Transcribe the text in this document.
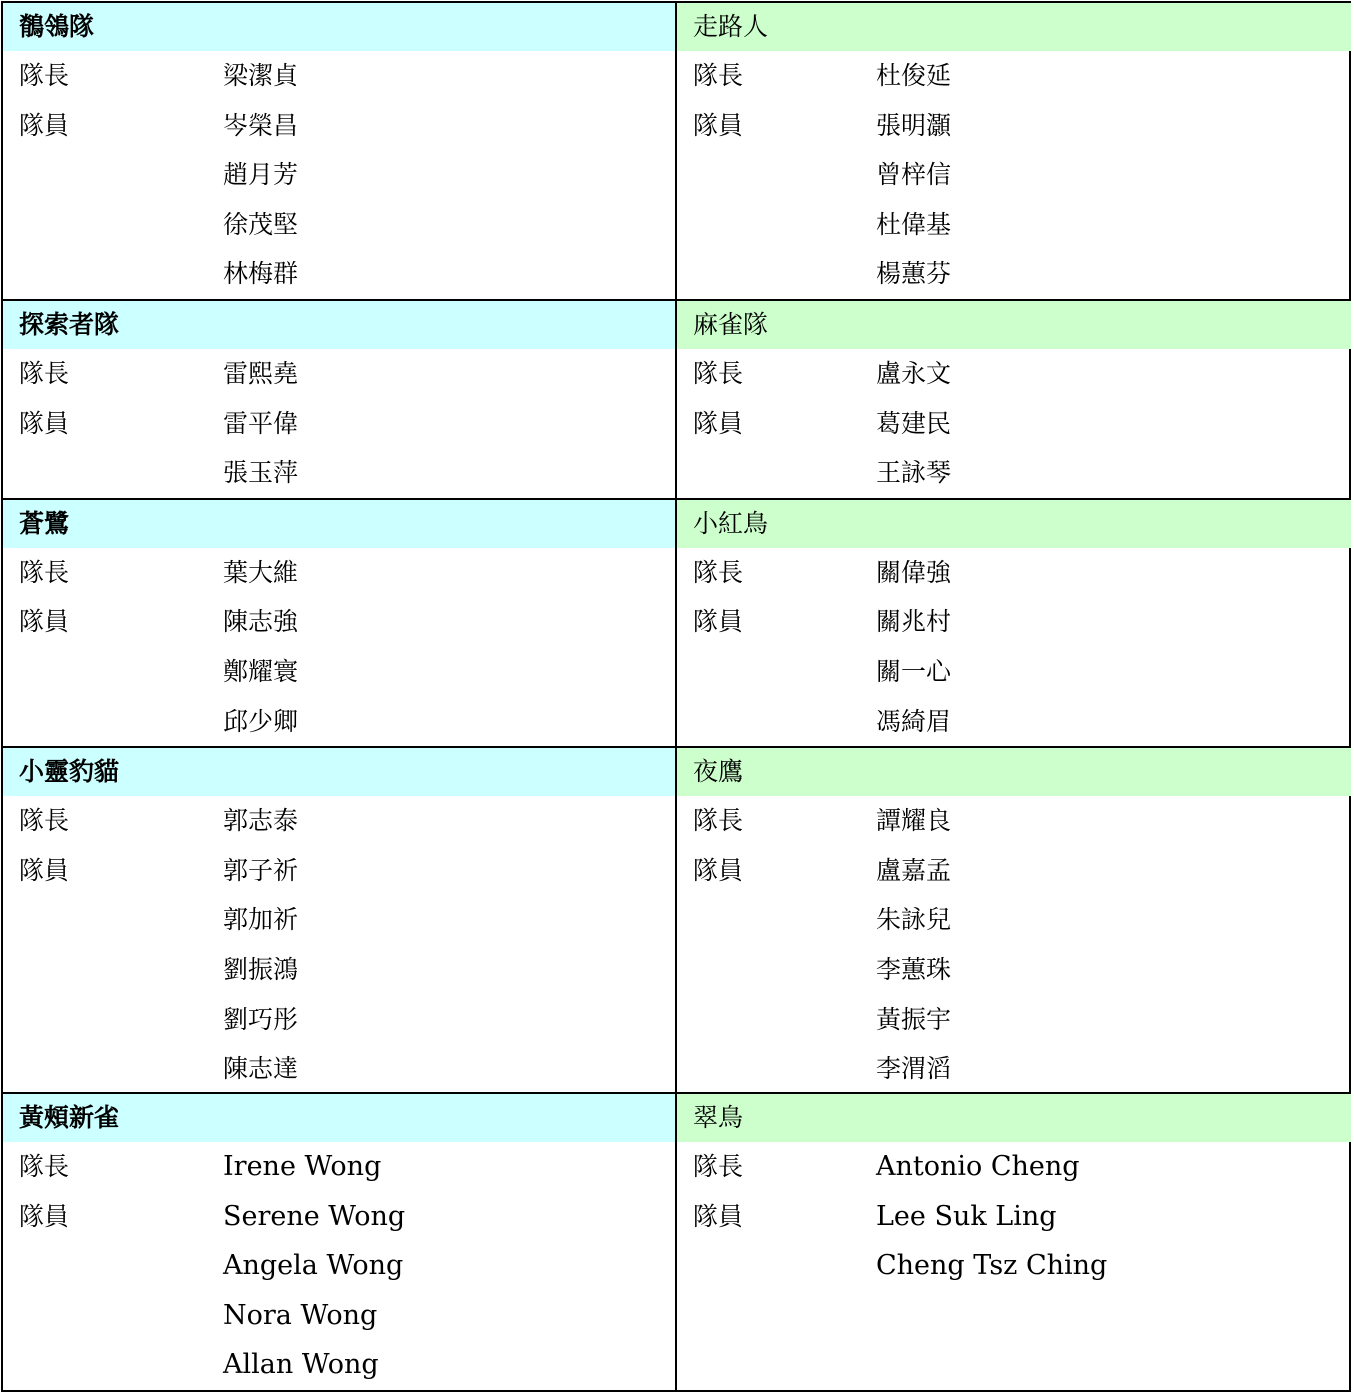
鶺鴒隊
隊長	梁潔貞
隊員	岑榮昌
趙月芳
徐茂堅
林梅群
走路人
隊長	杜俊延
隊員	張明灝
曾梓信
杜偉基
楊蕙芬
探索者隊
隊長	雷熙堯
隊員	雷平偉
張玉萍
麻雀隊
隊長	盧永文
隊員	葛建民
王詠琴
蒼鷺
隊長	葉大維
隊員	陳志強
鄭耀寰
邱少卿
小紅鳥
隊長	關偉強
隊員	關兆村
關一心
馮綺眉
小靈豹貓
隊長	郭志泰
隊員	郭子祈
郭加祈
劉振鴻
劉巧彤
陳志達
夜鷹
隊長	譚耀良
隊員	盧嘉孟
朱詠兒
李蕙珠
黃振宇
李渭滔
黃頰新雀
隊長	Irene Wong
隊員	Serene Wong
Angela Wong
Nora Wong
Allan Wong
翠鳥
隊長	Antonio Cheng
隊員	Lee Suk Ling
Cheng Tsz Ching
